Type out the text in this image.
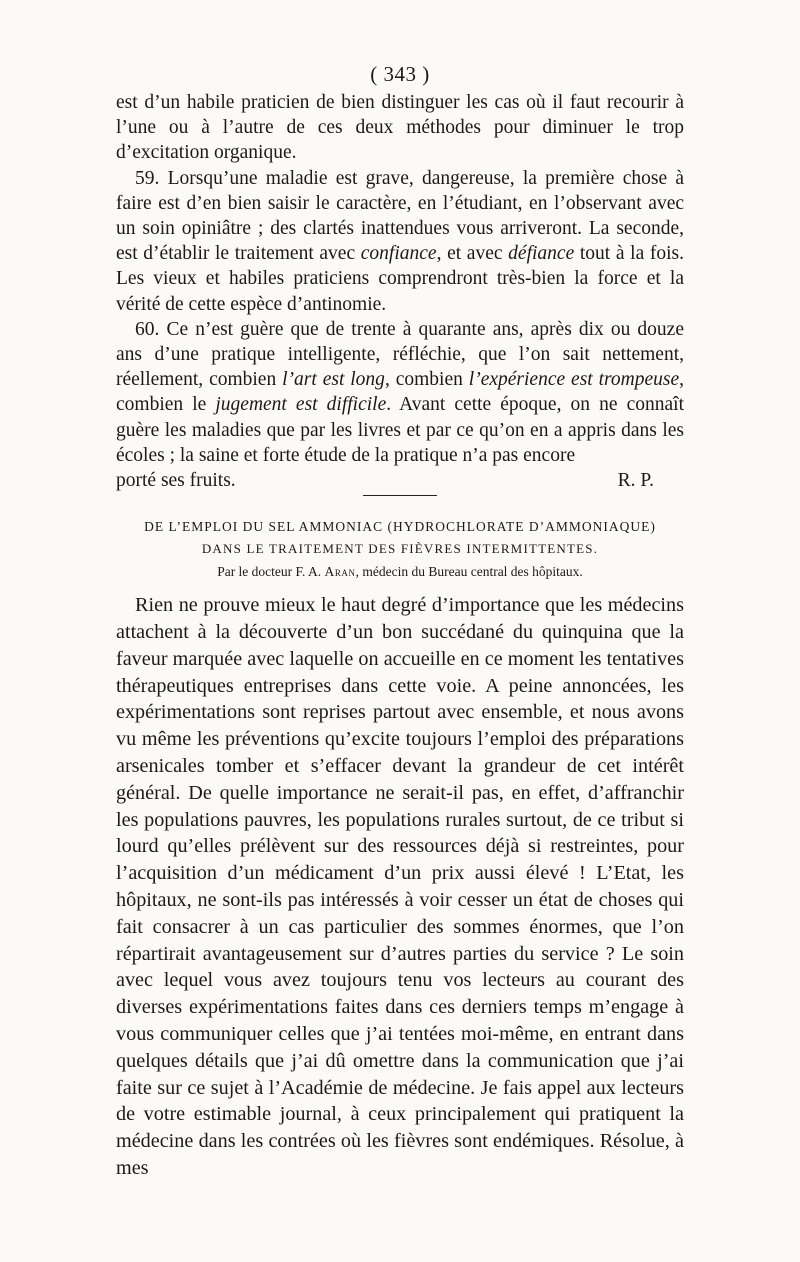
( 343 )

est d’un habile praticien de bien distinguer les cas où il faut recourir à l’une ou à l’autre de ces deux méthodes pour diminuer le trop d’excitation organique.

59. Lorsqu’une maladie est grave, dangereuse, la première chose à faire est d’en bien saisir le caractère, en l’étudiant, en l’observant avec un soin opiniâtre ; des clartés inattendues vous arriveront. La seconde, est d’établir le traitement avec confiance, et avec défiance tout à la fois. Les vieux et habiles praticiens comprendront très-bien la force et la vérité de cette espèce d’antinomie.

60. Ce n’est guère que de trente à quarante ans, après dix ou douze ans d’une pratique intelligente, réfléchie, que l’on sait nettement, réellement, combien l’art est long, combien l’expérience est trompeuse, combien le jugement est difficile. Avant cette époque, on ne connaît guère les maladies que par les livres et par ce qu’on en a appris dans les écoles ; la saine et forte étude de la pratique n’a pas encore

porté ses fruits.	R. P.
DE L’EMPLOI DU SEL AMMONIAC (HYDROCHLORATE D’AMMONIAQUE)
DANS LE TRAITEMENT DES FIÈVRES INTERMITTENTES.
Par le docteur F. A. Aran, médecin du Bureau central des hôpitaux.

Rien ne prouve mieux le haut degré d’importance que les médecins attachent à la découverte d’un bon succédané du quinquina que la faveur marquée avec laquelle on accueille en ce moment les tentatives thérapeutiques entreprises dans cette voie. A peine annoncées, les expérimentations sont reprises partout avec ensemble, et nous avons vu même les préventions qu’excite toujours l’emploi des préparations arsenicales tomber et s’effacer devant la grandeur de cet intérêt général. De quelle importance ne serait-il pas, en effet, d’affranchir les populations pauvres, les populations rurales surtout, de ce tribut si lourd qu’elles prélèvent sur des ressources déjà si restreintes, pour l’acquisition d’un médicament d’un prix aussi élevé ! L’Etat, les hôpitaux, ne sont-ils pas intéressés à voir cesser un état de choses qui fait consacrer à un cas particulier des sommes énormes, que l’on répartirait avantageusement sur d’autres parties du service ? Le soin avec lequel vous avez toujours tenu vos lecteurs au courant des diverses expérimentations faites dans ces derniers temps m’engage à vous communiquer celles que j’ai tentées moi-même, en entrant dans quelques détails que j’ai dû omettre dans la communication que j’ai faite sur ce sujet à l’Académie de médecine. Je fais appel aux lecteurs de votre estimable journal, à ceux principalement qui pratiquent la médecine dans les contrées où les fièvres sont endémiques. Résolue, à mes
